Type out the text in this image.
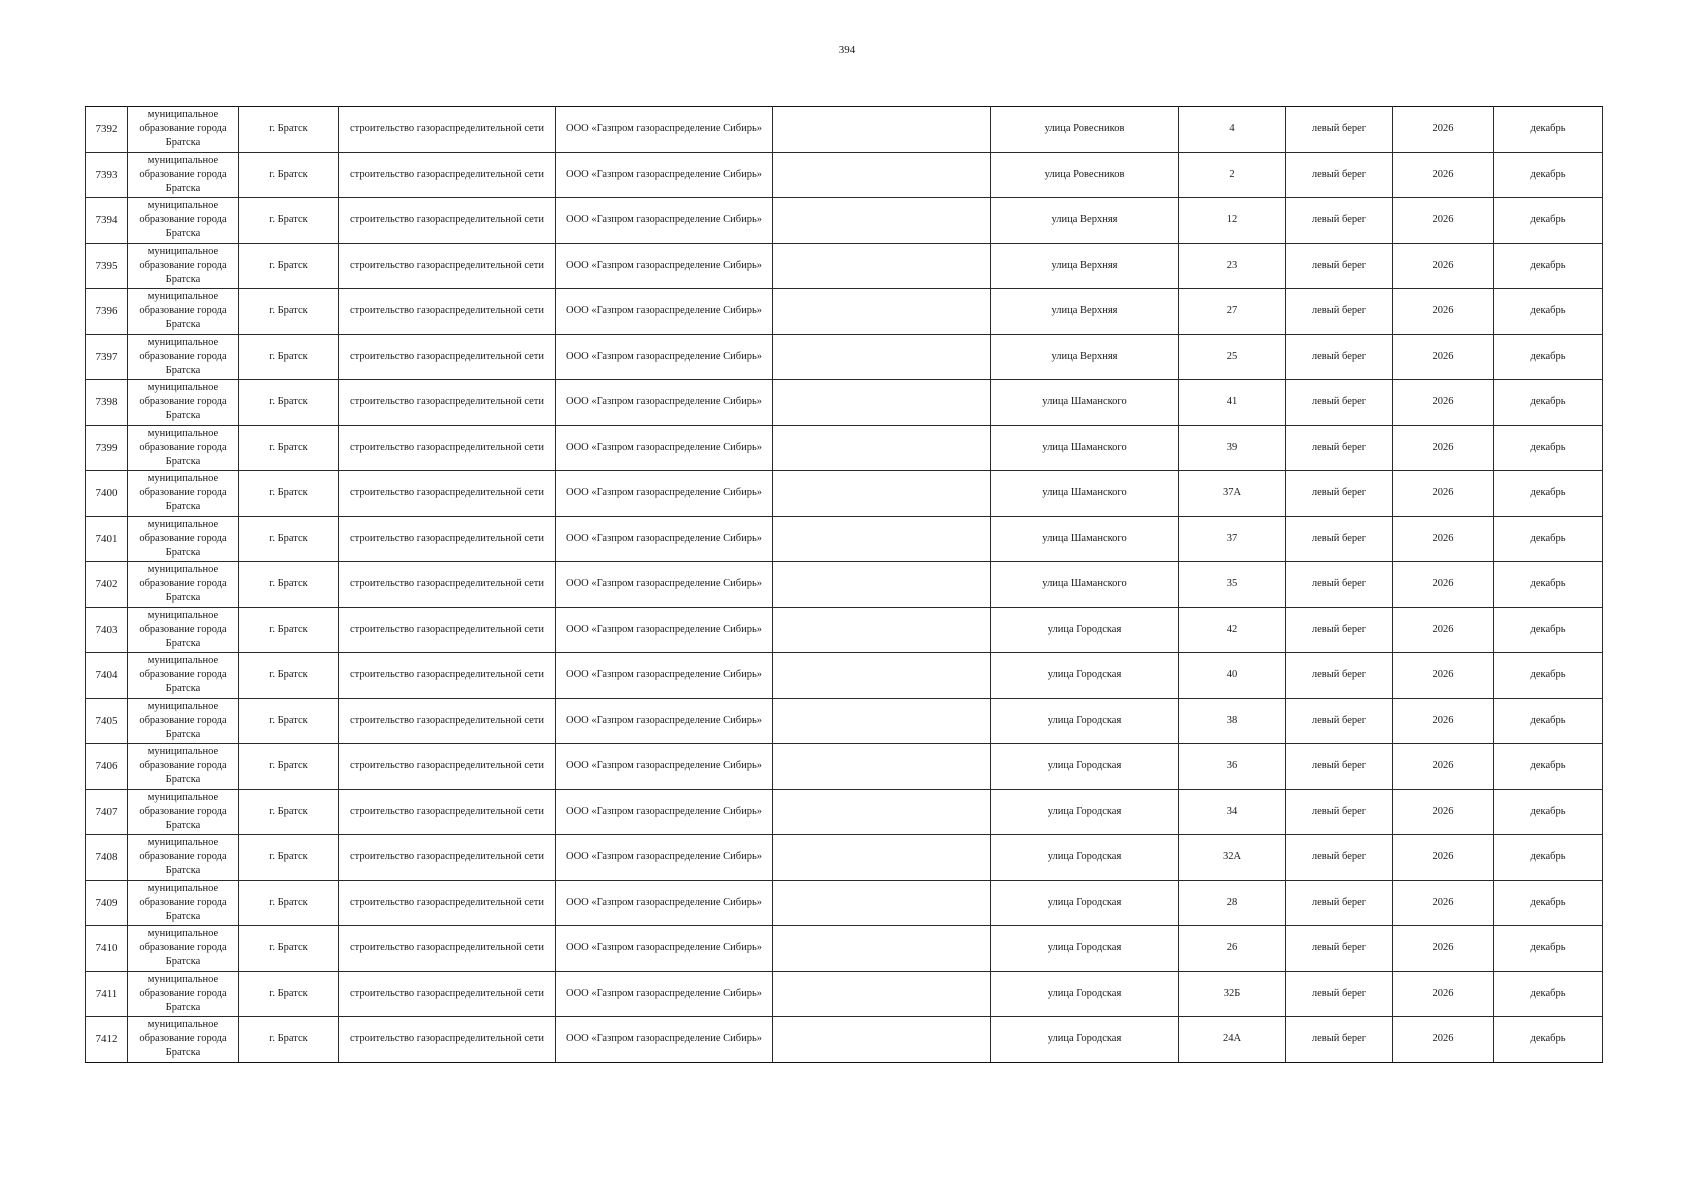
394
7392	муниципальное образование города Братска	г. Братск	строительство газораспределительной сети	ООО «Газпром газораспределение Сибирь»		улица Ровесников	4	левый берег	2026	декабрь
7393	муниципальное образование города Братска	г. Братск	строительство газораспределительной сети	ООО «Газпром газораспределение Сибирь»		улица Ровесников	2	левый берег	2026	декабрь
7394	муниципальное образование города Братска	г. Братск	строительство газораспределительной сети	ООО «Газпром газораспределение Сибирь»		улица Верхняя	12	левый берег	2026	декабрь
7395	муниципальное образование города Братска	г. Братск	строительство газораспределительной сети	ООО «Газпром газораспределение Сибирь»		улица Верхняя	23	левый берег	2026	декабрь
7396	муниципальное образование города Братска	г. Братск	строительство газораспределительной сети	ООО «Газпром газораспределение Сибирь»		улица Верхняя	27	левый берег	2026	декабрь
7397	муниципальное образование города Братска	г. Братск	строительство газораспределительной сети	ООО «Газпром газораспределение Сибирь»		улица Верхняя	25	левый берег	2026	декабрь
7398	муниципальное образование города Братска	г. Братск	строительство газораспределительной сети	ООО «Газпром газораспределение Сибирь»		улица Шаманского	41	левый берег	2026	декабрь
7399	муниципальное образование города Братска	г. Братск	строительство газораспределительной сети	ООО «Газпром газораспределение Сибирь»		улица Шаманского	39	левый берег	2026	декабрь
7400	муниципальное образование города Братска	г. Братск	строительство газораспределительной сети	ООО «Газпром газораспределение Сибирь»		улица Шаманского	37А	левый берег	2026	декабрь
7401	муниципальное образование города Братска	г. Братск	строительство газораспределительной сети	ООО «Газпром газораспределение Сибирь»		улица Шаманского	37	левый берег	2026	декабрь
7402	муниципальное образование города Братска	г. Братск	строительство газораспределительной сети	ООО «Газпром газораспределение Сибирь»		улица Шаманского	35	левый берег	2026	декабрь
7403	муниципальное образование города Братска	г. Братск	строительство газораспределительной сети	ООО «Газпром газораспределение Сибирь»		улица Городская	42	левый берег	2026	декабрь
7404	муниципальное образование города Братска	г. Братск	строительство газораспределительной сети	ООО «Газпром газораспределение Сибирь»		улица Городская	40	левый берег	2026	декабрь
7405	муниципальное образование города Братска	г. Братск	строительство газораспределительной сети	ООО «Газпром газораспределение Сибирь»		улица Городская	38	левый берег	2026	декабрь
7406	муниципальное образование города Братска	г. Братск	строительство газораспределительной сети	ООО «Газпром газораспределение Сибирь»		улица Городская	36	левый берег	2026	декабрь
7407	муниципальное образование города Братска	г. Братск	строительство газораспределительной сети	ООО «Газпром газораспределение Сибирь»		улица Городская	34	левый берег	2026	декабрь
7408	муниципальное образование города Братска	г. Братск	строительство газораспределительной сети	ООО «Газпром газораспределение Сибирь»		улица Городская	32А	левый берег	2026	декабрь
7409	муниципальное образование города Братска	г. Братск	строительство газораспределительной сети	ООО «Газпром газораспределение Сибирь»		улица Городская	28	левый берег	2026	декабрь
7410	муниципальное образование города Братска	г. Братск	строительство газораспределительной сети	ООО «Газпром газораспределение Сибирь»		улица Городская	26	левый берег	2026	декабрь
7411	муниципальное образование города Братска	г. Братск	строительство газораспределительной сети	ООО «Газпром газораспределение Сибирь»		улица Городская	32Б	левый берег	2026	декабрь
7412	муниципальное образование города Братска	г. Братск	строительство газораспределительной сети	ООО «Газпром газораспределение Сибирь»		улица Городская	24А	левый берег	2026	декабрь
